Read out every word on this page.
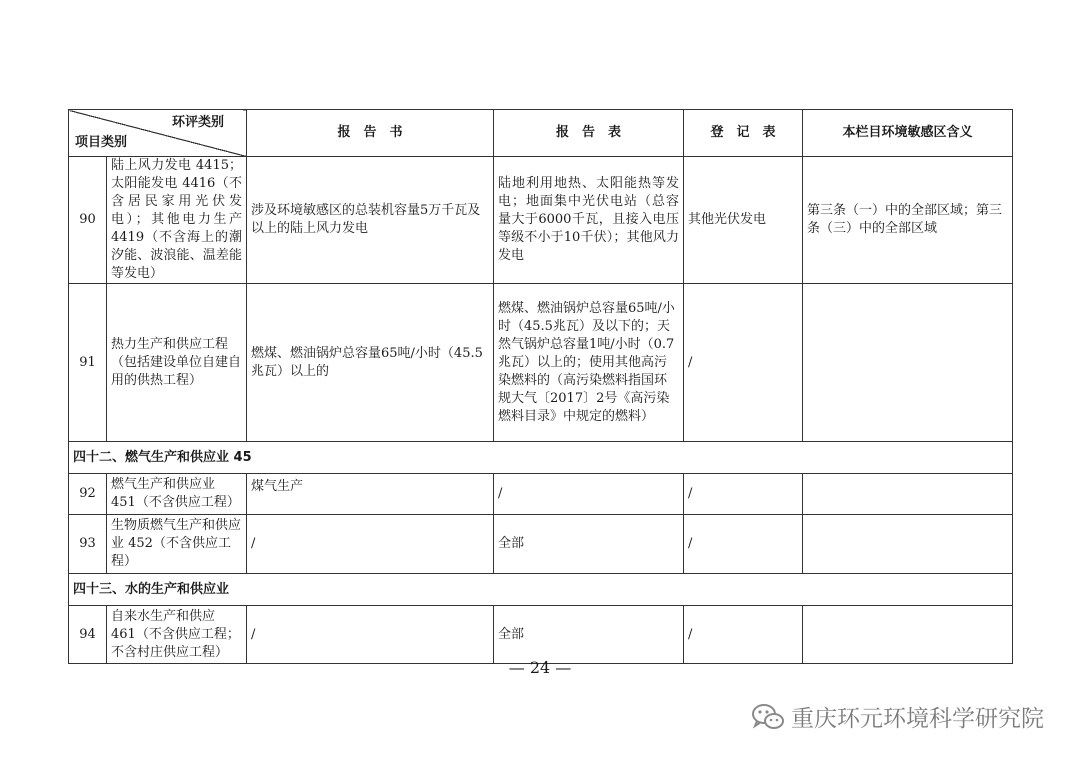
环评类别
项目类别		报　告　书	报　告　表	登　记　表	本栏目环境敏感区含义
90	陆上风力发电 4415；太阳能发电 4416（不含居民家用光伏发电）；其他电力生产 4419（不含海上的潮汐能、波浪能、温差能等发电）	涉及环境敏感区的总装机容量5万千瓦及以上的陆上风力发电	陆地利用地热、太阳能热等发电；地面集中光伏电站（总容量大于6000千瓦，且接入电压等级不小于10千伏）；其他风力发电	其他光伏发电	第三条（一）中的全部区域；第三条（三）中的全部区域
91	热力生产和供应工程（包括建设单位自建自用的供热工程）	燃煤、燃油锅炉总容量65吨/小时（45.5兆瓦）以上的	燃煤、燃油锅炉总容量65吨/小时（45.5兆瓦）及以下的；天然气锅炉总容量1吨/小时（0.7兆瓦）以上的；使用其他高污染燃料的（高污染燃料指国环规大气〔2017〕2号《高污染燃料目录》中规定的燃料）	/	
四十二、燃气生产和供应业 45					
92	燃气生产和供应业 451（不含供应工程）	煤气生产	/	/	
93	生物质燃气生产和供应业 452（不含供应工程）	/	全部	/	
四十三、水的生产和供应业					
94	自来水生产和供应 461（不含供应工程；不含村庄供应工程）	/	全部	/	
— 24 —
重庆环元环境科学研究院
